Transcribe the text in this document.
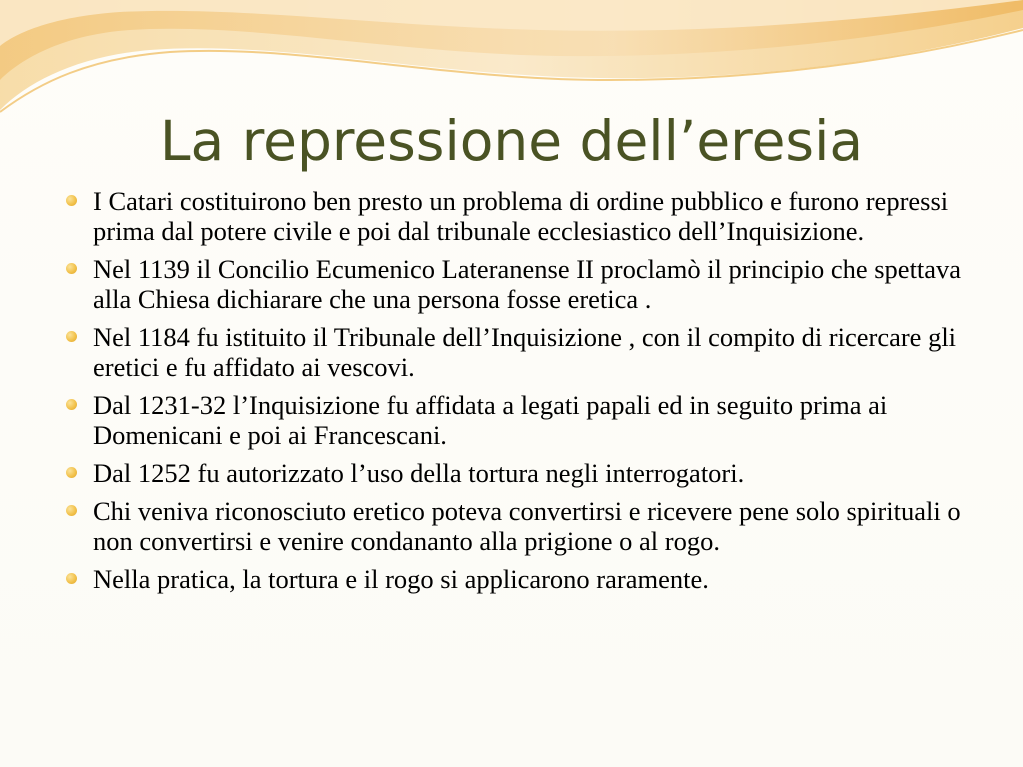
La repressione dell’eresia
I Catari costituirono ben presto un problema di ordine pubblico e furono repressi prima dal potere civile e poi dal tribunale ecclesiastico dell’Inquisizione.
Nel 1139 il Concilio Ecumenico Lateranense II proclamò il principio che spettava alla Chiesa dichiarare che una persona fosse eretica .
Nel 1184 fu istituito il Tribunale dell’Inquisizione , con il compito di ricercare gli eretici e fu affidato ai vescovi.
Dal 1231-32 l’Inquisizione fu affidata a legati papali ed in seguito prima ai Domenicani e poi ai Francescani.
Dal 1252 fu autorizzato l’uso della tortura negli interrogatori.
Chi veniva riconosciuto eretico poteva convertirsi e ricevere pene solo spirituali o non convertirsi e venire condananto alla prigione o al rogo.
Nella pratica, la tortura e il rogo si applicarono raramente.
